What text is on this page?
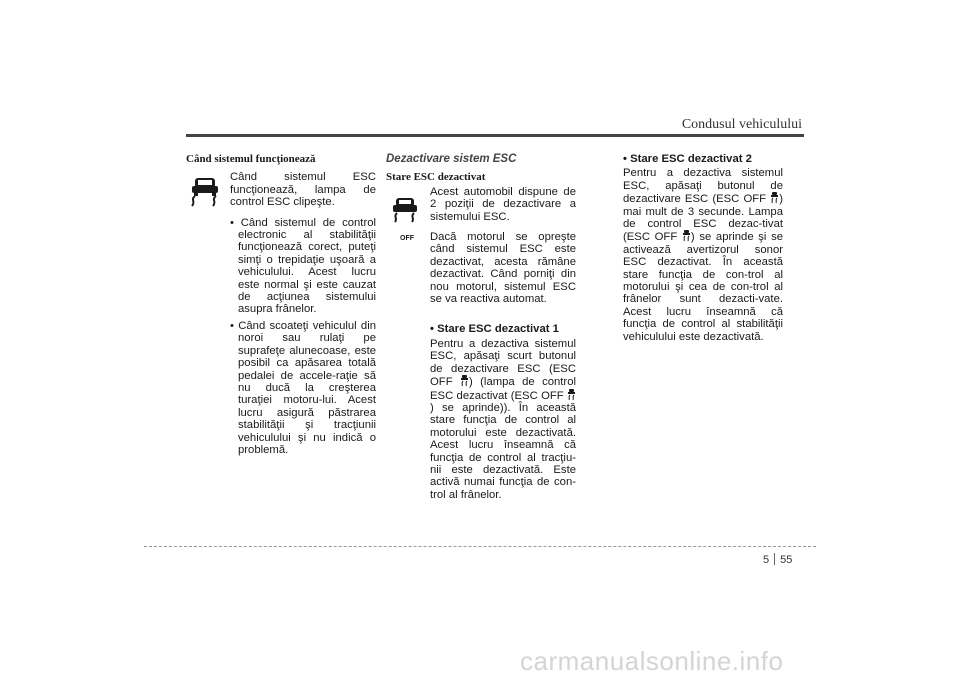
Condusul vehiculului
Când sistemul funcţionează

Când sistemul ESC funcţionează, lampa de control ESC clipeşte.

• Când sistemul de control electronic al stabilităţii funcţionează corect, puteţi simţi o trepidaţie uşoară a vehiculului. Acest lucru este normal şi este cauzat de acţiunea sistemului asupra frânelor.
• Când scoateţi vehiculul din noroi sau rulaţi pe suprafeţe alunecoase, este posibil ca apăsarea totală pedalei de accele-raţie să nu ducă la creşterea turaţiei motoru-lui. Acest lucru asigură păstrarea stabilităţii şi tracţiunii vehiculului şi nu indică o problemă.
Dezactivare sistem ESC
Stare ESC dezactivat

Acest automobil dispune de 2 poziţii de dezactivare a sistemului ESC.

Dacă motorul se opreşte când sistemul ESC este dezactivat, acesta rămâne dezactivat. Când porniţi din nou motorul, sistemul ESC se va reactiva automat.

OFF
• Stare ESC dezactivat 1

Pentru a dezactiva sistemul ESC, apăsaţi scurt butonul de dezactivare ESC (ESC OFF ) (lampa de control ESC dezactivat (ESC OFF ) se aprinde)). În această stare funcţia de control al motorului este dezactivată. Acest lucru înseamnă că funcţia de control al tracţiu-nii este dezactivată. Este activă numai funcţia de con-trol al frânelor.

• Stare ESC dezactivat 2

Pentru a dezactiva sistemul ESC, apăsaţi butonul de dezactivare ESC (ESC OFF ) mai mult de 3 secunde. Lampa de control ESC dezac-tivat (ESC OFF ) se aprinde şi se activează avertizorul sonor ESC dezactivat. În această stare funcţia de con-trol al motorului şi cea de con-trol al frânelor sunt dezacti-vate. Acest lucru înseamnă că funcţia de control al stabilităţii vehiculului este dezactivată.

5 55
carmanualsonline.info
